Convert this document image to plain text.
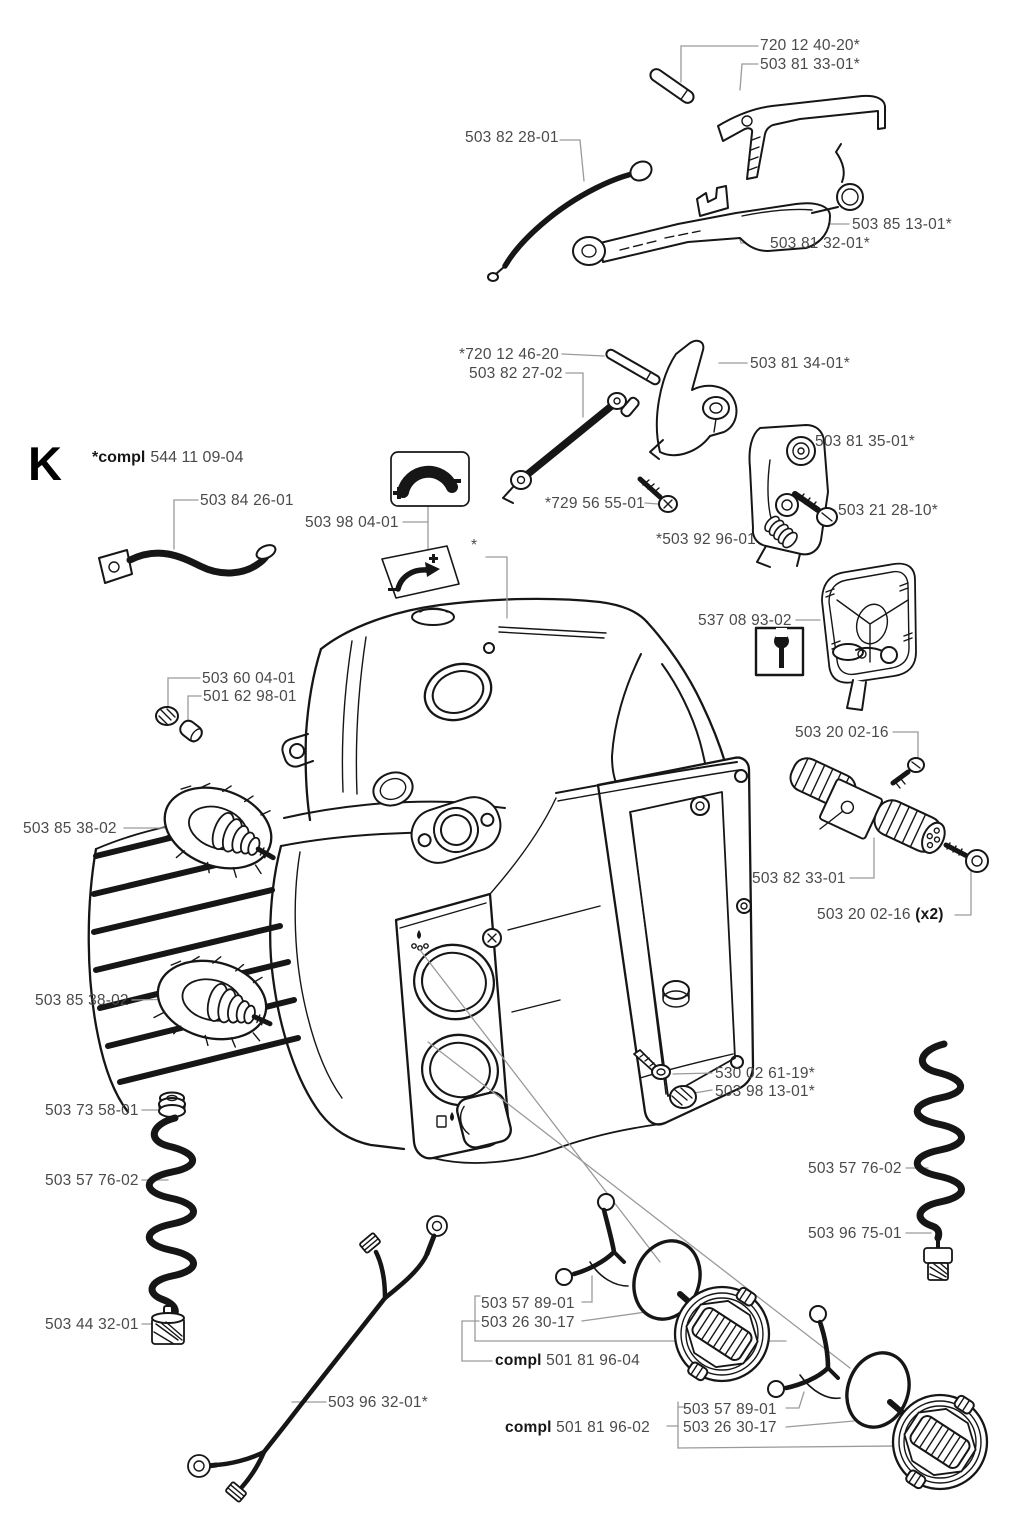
K *compl 544 11 09-04
720 12 40-20*
503 81 33-01*
503 82 28-01
503 85 13-01*
503 81 32-01*
*720 12 46-20
503 82 27-02
503 81 34-01*
503 81 35-01*
*729 56 55-01	503 21 28-10*
*503 92 96-01
503 84 26-01
503 98 04-01
537 08 93-02
503 60 04-01
501 62 98-01
503 20 02-16
503 85 38-02
503 82 33-01
503 20 02-16 (x2)
503 85 38-02
530 02 61-19*
503 98 13-01*
503 73 58-01
503 57 76-02
503 57 76-02
503 96 75-01
503 57 89-01
503 26 30-17
compl 501 81 96-04
503 44 32-01
503 96 32-01*
compl 501 81 96-02
503 57 89-01
503 26 30-17
*
